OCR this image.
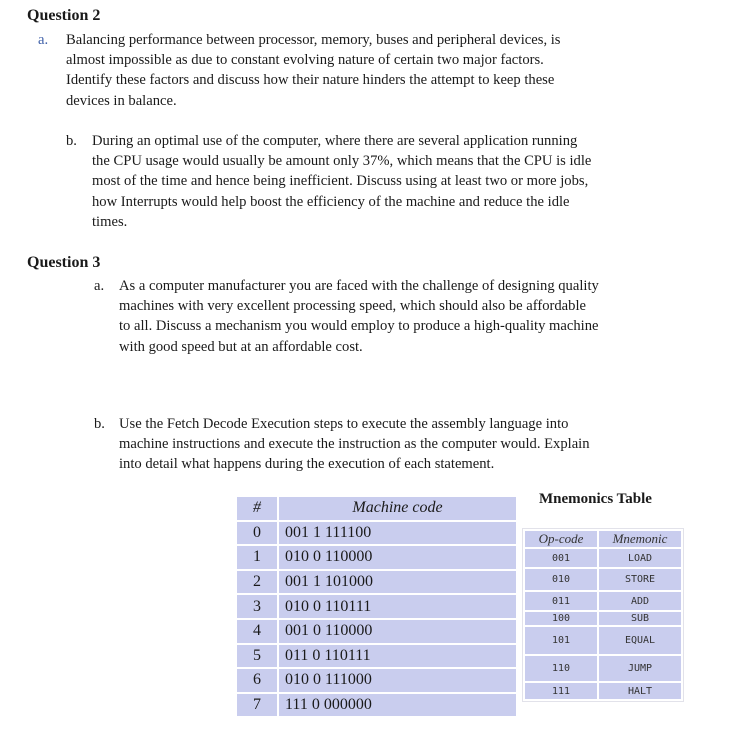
Question 2
a. Balancing performance between processor, memory, buses and peripheral devices, is
almost impossible as due to constant evolving nature of certain two major factors.
Identify these factors and discuss how their nature hinders the attempt to keep these
devices in balance.
b. During an optimal use of the computer, where there are several application running
the CPU usage would usually be amount only 37%, which means that the CPU is idle
most of the time and hence being inefficient. Discuss using at least two or more jobs,
how Interrupts would help boost the efficiency of the machine and reduce the idle
times.
Question 3
a. As a computer manufacturer you are faced with the challenge of designing quality
machines with very excellent processing speed, which should also be affordable
to all. Discuss a mechanism you would employ to produce a high-quality machine
with good speed but at an affordable cost.
b. Use the Fetch Decode Execution steps to execute the assembly language into
machine instructions and execute the instruction as the computer would. Explain
into detail what happens during the execution of each statement.
#	Machine code
0	001 1 111100
1	010 0 110000
2	001 1 101000
3	010 0 110111
4	001 0 110000
5	011 0 110111
6	010 0 111000
7	111 0 000000
Mnemonics Table
Op-code	Mnemonic
001	LOAD
010	STORE
011	ADD
100	SUB
101	EQUAL
110	JUMP
111	HALT
